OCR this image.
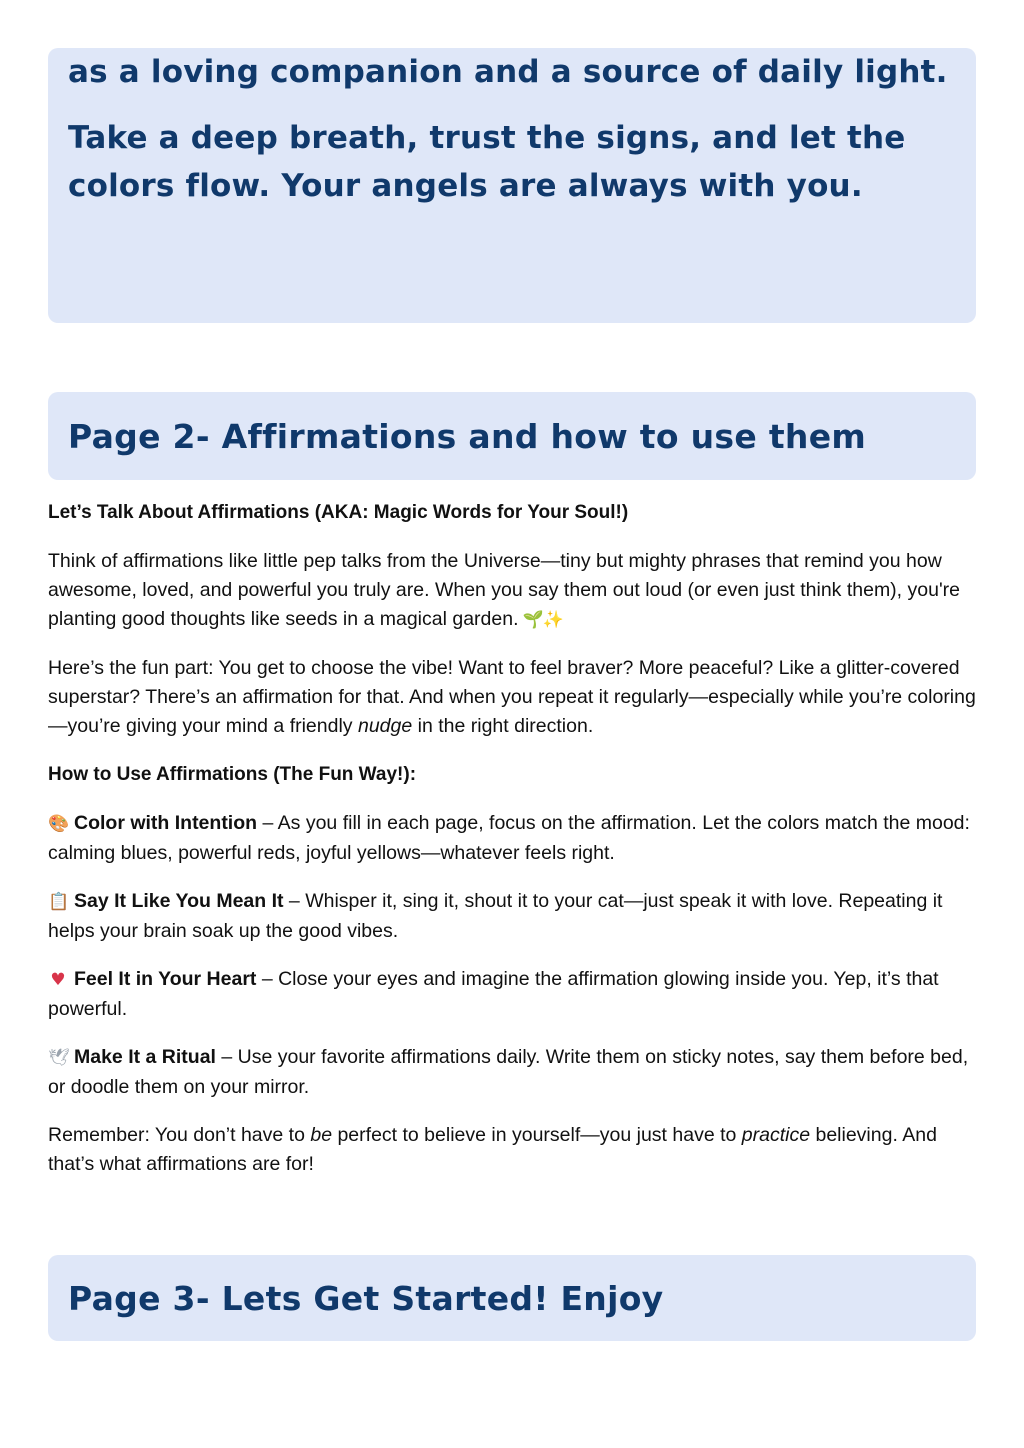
as a loving companion and a source of daily light.

Take a deep breath, trust the signs, and let the colors flow. Your angels are always with you.

Page 2- Affirmations and how to use them

Let’s Talk About Affirmations (AKA: Magic Words for Your Soul!)

Think of affirmations like little pep talks from the Universe—tiny but mighty phrases that remind you how awesome, loved, and powerful you truly are. When you say them out loud (or even just think them), you're planting good thoughts like seeds in a magical garden. 🌱✨

Here’s the fun part: You get to choose the vibe! Want to feel braver? More peaceful? Like a glitter-covered superstar? There’s an affirmation for that. And when you repeat it regularly—especially while you’re coloring—you’re giving your mind a friendly nudge in the right direction.

How to Use Affirmations (The Fun Way!):

🎨 Color with Intention – As you fill in each page, focus on the affirmation. Let the colors match the mood: calming blues, powerful reds, joyful yellows—whatever feels right.

📋 Say It Like You Mean It – Whisper it, sing it, shout it to your cat—just speak it with love. Repeating it helps your brain soak up the good vibes.

♥ Feel It in Your Heart – Close your eyes and imagine the affirmation glowing inside you. Yep, it’s that powerful.

🕊 Make It a Ritual – Use your favorite affirmations daily. Write them on sticky notes, say them before bed, or doodle them on your mirror.

Remember: You don’t have to be perfect to believe in yourself—you just have to practice believing. And that’s what affirmations are for!

Page 3- Lets Get Started! Enjoy
